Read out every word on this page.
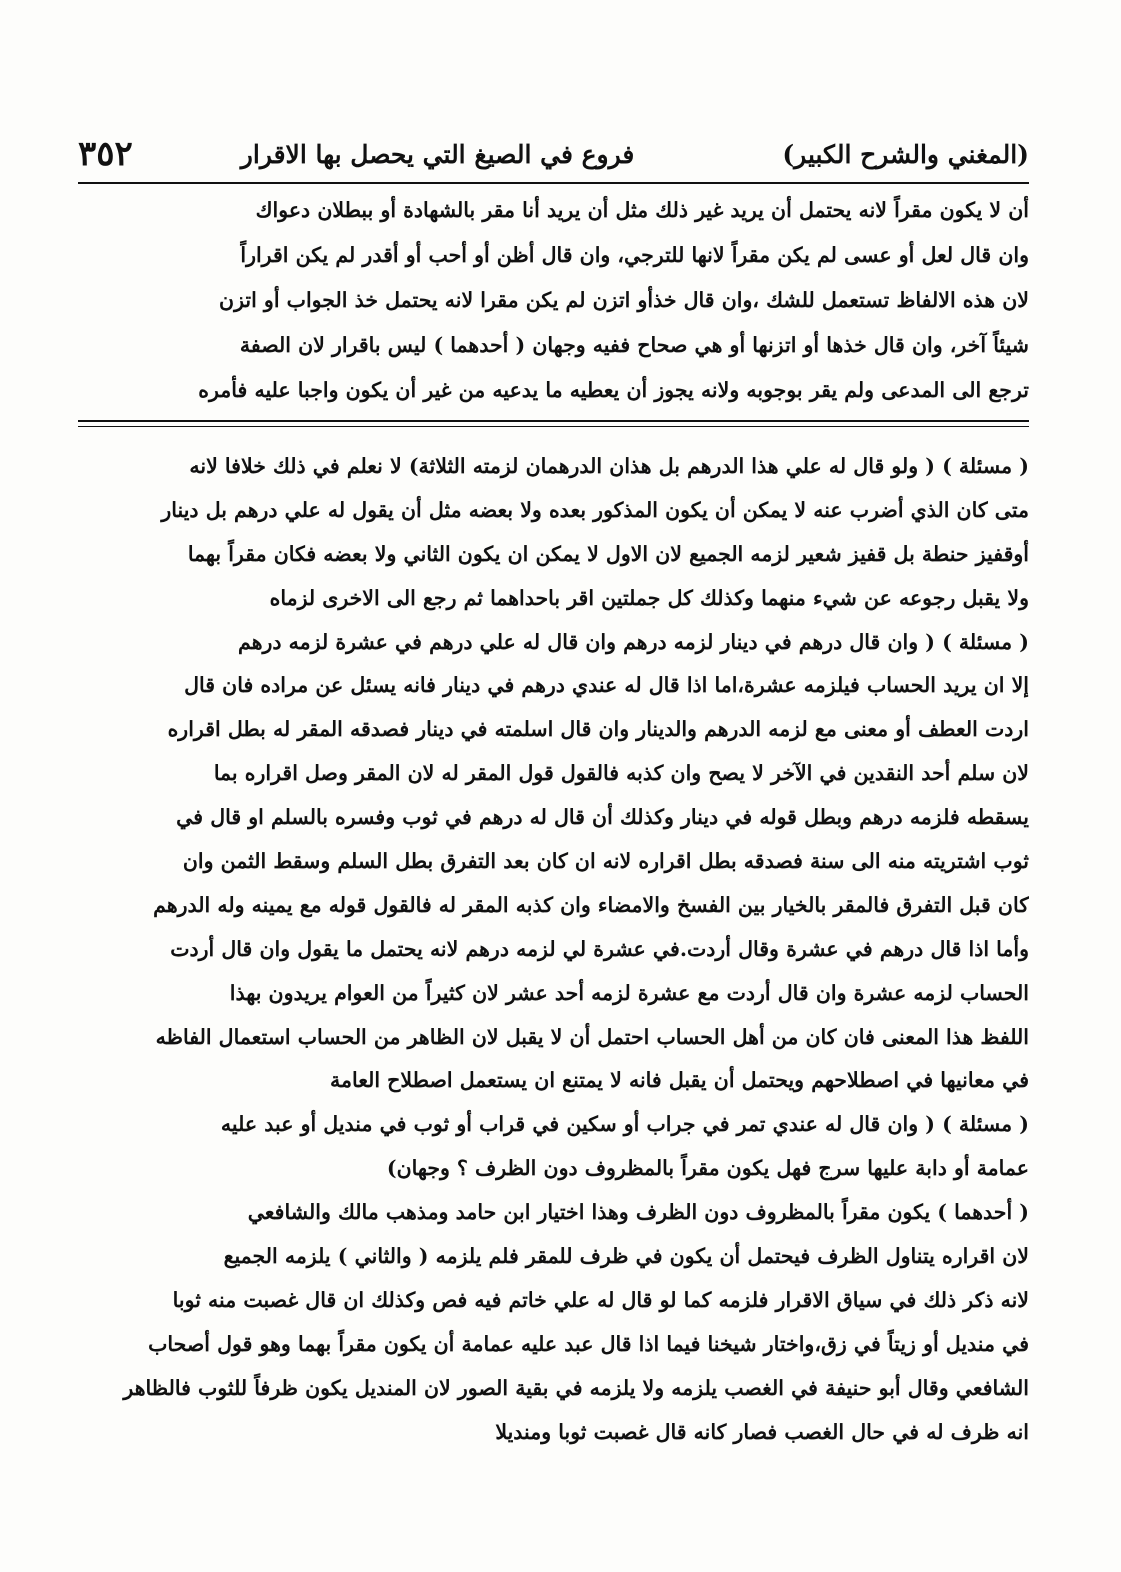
٣٥٢	فروع في الصيغ التي يحصل بها الاقرار	(المغني والشرح الكبير)
أن لا يكون مقراً لانه يحتمل أن يريد غير ذلك مثل أن يريد أنا مقر بالشهادة أو ببطلان دعواك
وان قال لعل أو عسى لم يكن مقراً لانها للترجي، وان قال أظن أو أحب أو أقدر لم يكن اقراراً
لان هذه الالفاظ تستعمل للشك ،وان قال خذأو اتزن لم يكن مقرا لانه يحتمل خذ الجواب أو اتزن
شيئاً آخر، وان قال خذها أو اتزنها أو هي صحاح ففيه وجهان ( أحدهما ) ليس باقرار لان الصفة
ترجع الى المدعى ولم يقر بوجوبه ولانه يجوز أن يعطيه ما يدعيه من غير أن يكون واجبا عليه فأمره
( مسئلة ) ( ولو قال له علي هذا الدرهم بل هذان الدرهمان لزمته الثلاثة) لا نعلم في ذلك خلافا لانه
متى كان الذي أضرب عنه لا يمكن أن يكون المذكور بعده ولا بعضه مثل أن يقول له علي درهم بل دينار
أوقفيز حنطة بل قفيز شعير لزمه الجميع لان الاول لا يمكن ان يكون الثاني ولا بعضه فكان مقراً بهما
ولا يقبل رجوعه عن شيء منهما وكذلك كل جملتين اقر باحداهما ثم رجع الى الاخرى لزماه
( مسئلة ) ( وان قال درهم في دينار لزمه درهم وان قال له علي درهم في عشرة لزمه درهم
إلا ان يريد الحساب فيلزمه عشرة،اما اذا قال له عندي درهم في دينار فانه يسئل عن مراده فان قال
اردت العطف أو معنى مع لزمه الدرهم والدينار وان قال اسلمته في دينار فصدقه المقر له بطل اقراره
لان سلم أحد النقدين في الآخر لا يصح وان كذبه فالقول قول المقر له لان المقر وصل اقراره بما
يسقطه فلزمه درهم وبطل قوله في دينار وكذلك أن قال له درهم في ثوب وفسره بالسلم او قال في
ثوب اشتريته منه الى سنة فصدقه بطل اقراره لانه ان كان بعد التفرق بطل السلم وسقط الثمن وان
كان قبل التفرق فالمقر بالخيار بين الفسخ والامضاء وان كذبه المقر له فالقول قوله مع يمينه وله الدرهم
وأما اذا قال درهم في عشرة وقال أردت.في عشرة لي لزمه درهم لانه يحتمل ما يقول وان قال أردت
الحساب لزمه عشرة وان قال أردت مع عشرة لزمه أحد عشر لان كثيراً من العوام يريدون بهذا
اللفظ هذا المعنى فان كان من أهل الحساب احتمل أن لا يقبل لان الظاهر من الحساب استعمال الفاظه
في معانيها في اصطلاحهم ويحتمل أن يقبل فانه لا يمتنع ان يستعمل اصطلاح العامة
( مسئلة ) ( وان قال له عندي تمر في جراب أو سكين في قراب أو ثوب في منديل أو عبد عليه
عمامة أو دابة عليها سرج فهل يكون مقراً بالمظروف دون الظرف ؟ وجهان)
( أحدهما ) يكون مقراً بالمظروف دون الظرف وهذا اختيار ابن حامد ومذهب مالك والشافعي
لان اقراره يتناول الظرف فيحتمل أن يكون في ظرف للمقر فلم يلزمه ( والثاني ) يلزمه الجميع
لانه ذكر ذلك في سياق الاقرار فلزمه كما لو قال له علي خاتم فيه فص وكذلك ان قال غصبت منه ثوبا
في منديل أو زيتاً في زق،واختار شيخنا فيما اذا قال عبد عليه عمامة أن يكون مقراً بهما وهو قول أصحاب
الشافعي وقال أبو حنيفة في الغصب يلزمه ولا يلزمه في بقية الصور لان المنديل يكون ظرفاً للثوب فالظاهر
انه ظرف له في حال الغصب فصار كانه قال غصبت ثوبا ومنديلا
